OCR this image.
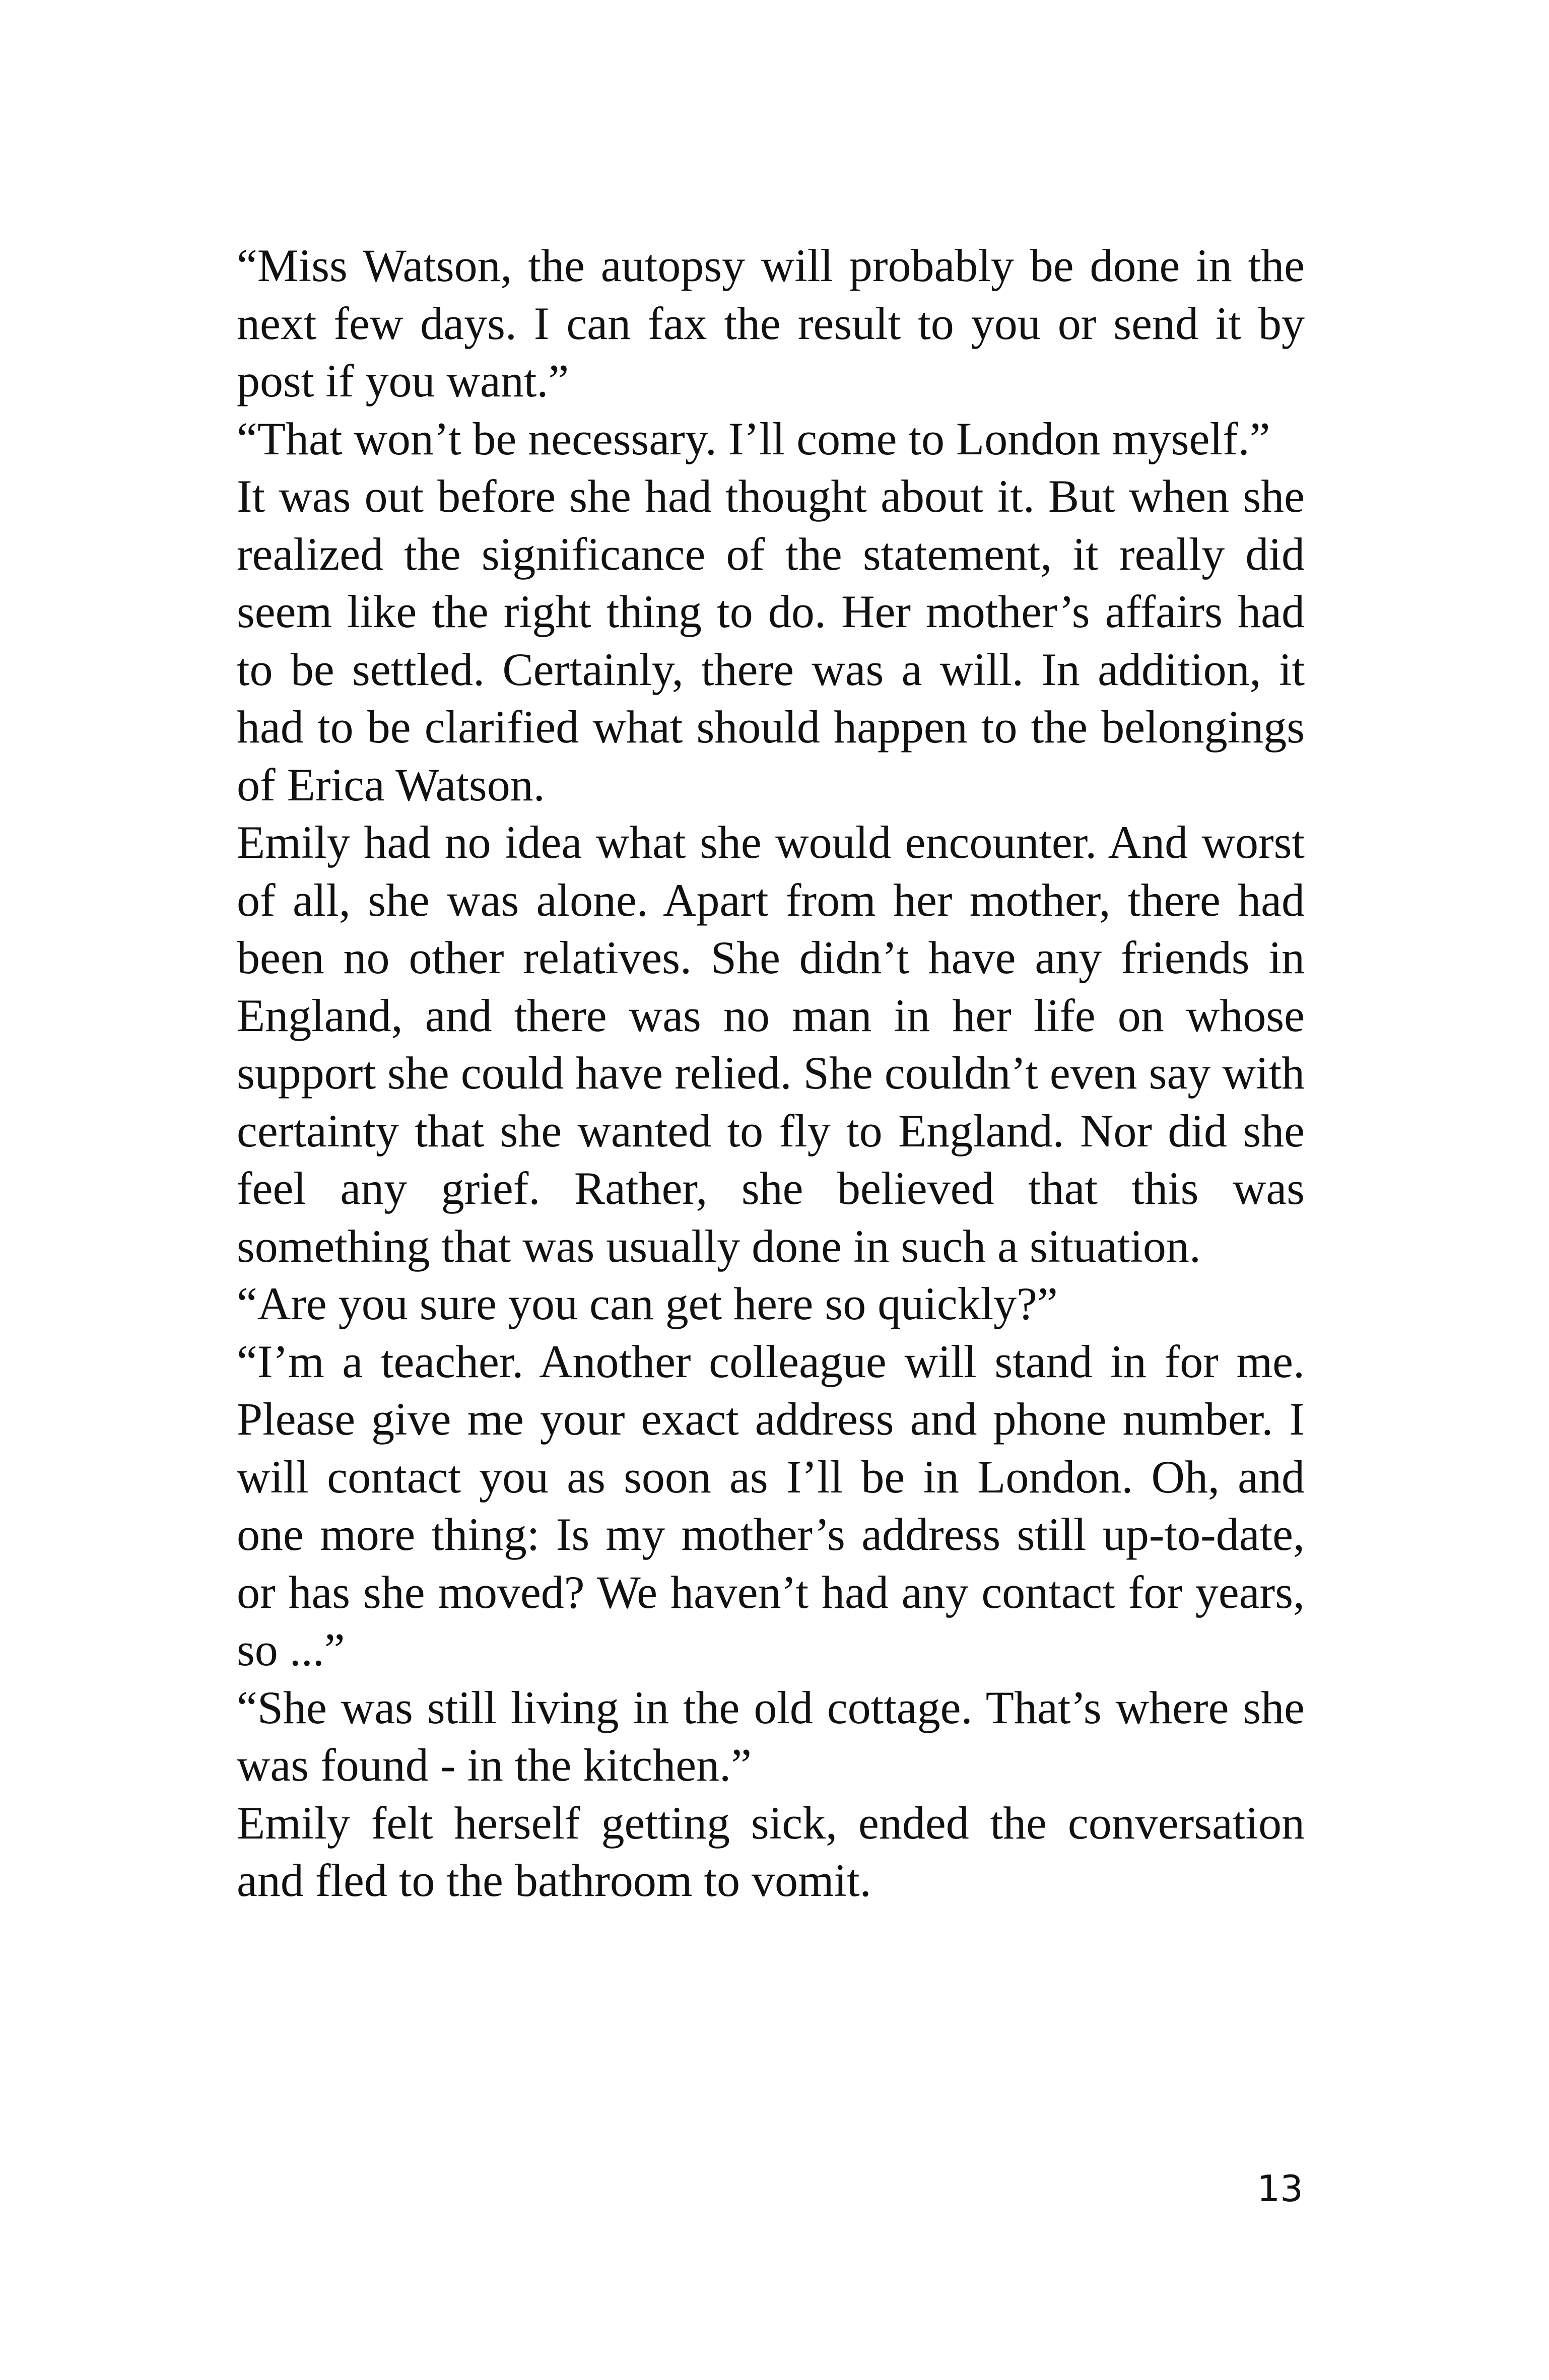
“Miss Watson, the autopsy will probably be done in the next few days. I can fax the result to you or send it by post if you want.”

“That won’t be necessary. I’ll come to London myself.”

It was out before she had thought about it. But when she realized the significance of the statement, it really did seem like the right thing to do. Her mother’s affairs had to be settled. Certainly, there was a will. In addition, it had to be clarified what should happen to the belongings of Erica Watson.

Emily had no idea what she would encounter. And worst of all, she was alone. Apart from her mother, there had been no other relatives. She didn’t have any friends in England, and there was no man in her life on whose support she could have relied. She couldn’t even say with certainty that she wanted to fly to England. Nor did she feel any grief. Rather, she believed that this was something that was usually done in such a situation.

“Are you sure you can get here so quickly?”

“I’m a teacher. Another colleague will stand in for me. Please give me your exact address and phone number. I will contact you as soon as I’ll be in London. Oh, and one more thing: Is my mother’s address still up-to-date, or has she moved? We haven’t had any contact for years, so ...”

“She was still living in the old cottage. That’s where she was found - in the kitchen.”

Emily felt herself getting sick, ended the conversation and fled to the bathroom to vomit.

13
